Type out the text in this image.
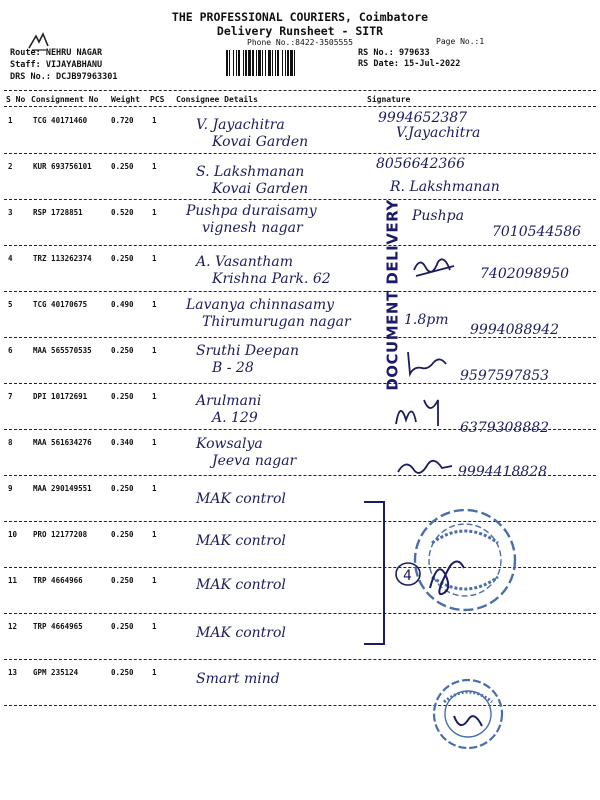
THE PROFESSIONAL COURIERS, Coimbatore
Delivery Runsheet - SITR
Phone No.:8422-3505555	Page No.:1
Route: NEHRU NAGAR
Staff: VIJAYABHANU
DRS No.: DCJB97963301
RS No.: 979633
RS Date: 15-Jul-2022
S No Consignment No Weight PCS Consignee Details	Signature
1	TCG 40171460	0.720 1	V. Jayachitra
Kovai Garden
9994652387
V.Jayachitra
2	KUR 693756101	0.250 1	S. Lakshmanan
Kovai Garden
8056642366
R. Lakshmanan
3	RSP 1728851	0.520 1 Pushpa duraisamy
vignesh nagar
Pushpa
7010544586
4	TRZ 113262374	0.250 1	A. Vasantham
Krishna Park. 62	7402098950
5	TCG 40170675	0.490 1 Lavanya chinnasamy
Thirumurugan nagar	1.8pm
9994088942
6	MAA 565570535	0.250 1	Sruthi Deepan
B - 28	9597597853
7	DPI 10172691	0.250 1	Arulmani
A. 129
6379308882
8	MAA 561634276	0.340 1	Kowsalya
Jeeva nagar
9994418828
9	MAA 290149551	0.250 1
MAK control
10 PRO 12177208	0.250 1	MAK control
11 TRP 4664966	0.250 1	MAK control
12 TRP 4664965	0.250 1	MAK control
13 GPM 235124	0.250 1	Smart mind
DOCUMENT DELIVERY
4
